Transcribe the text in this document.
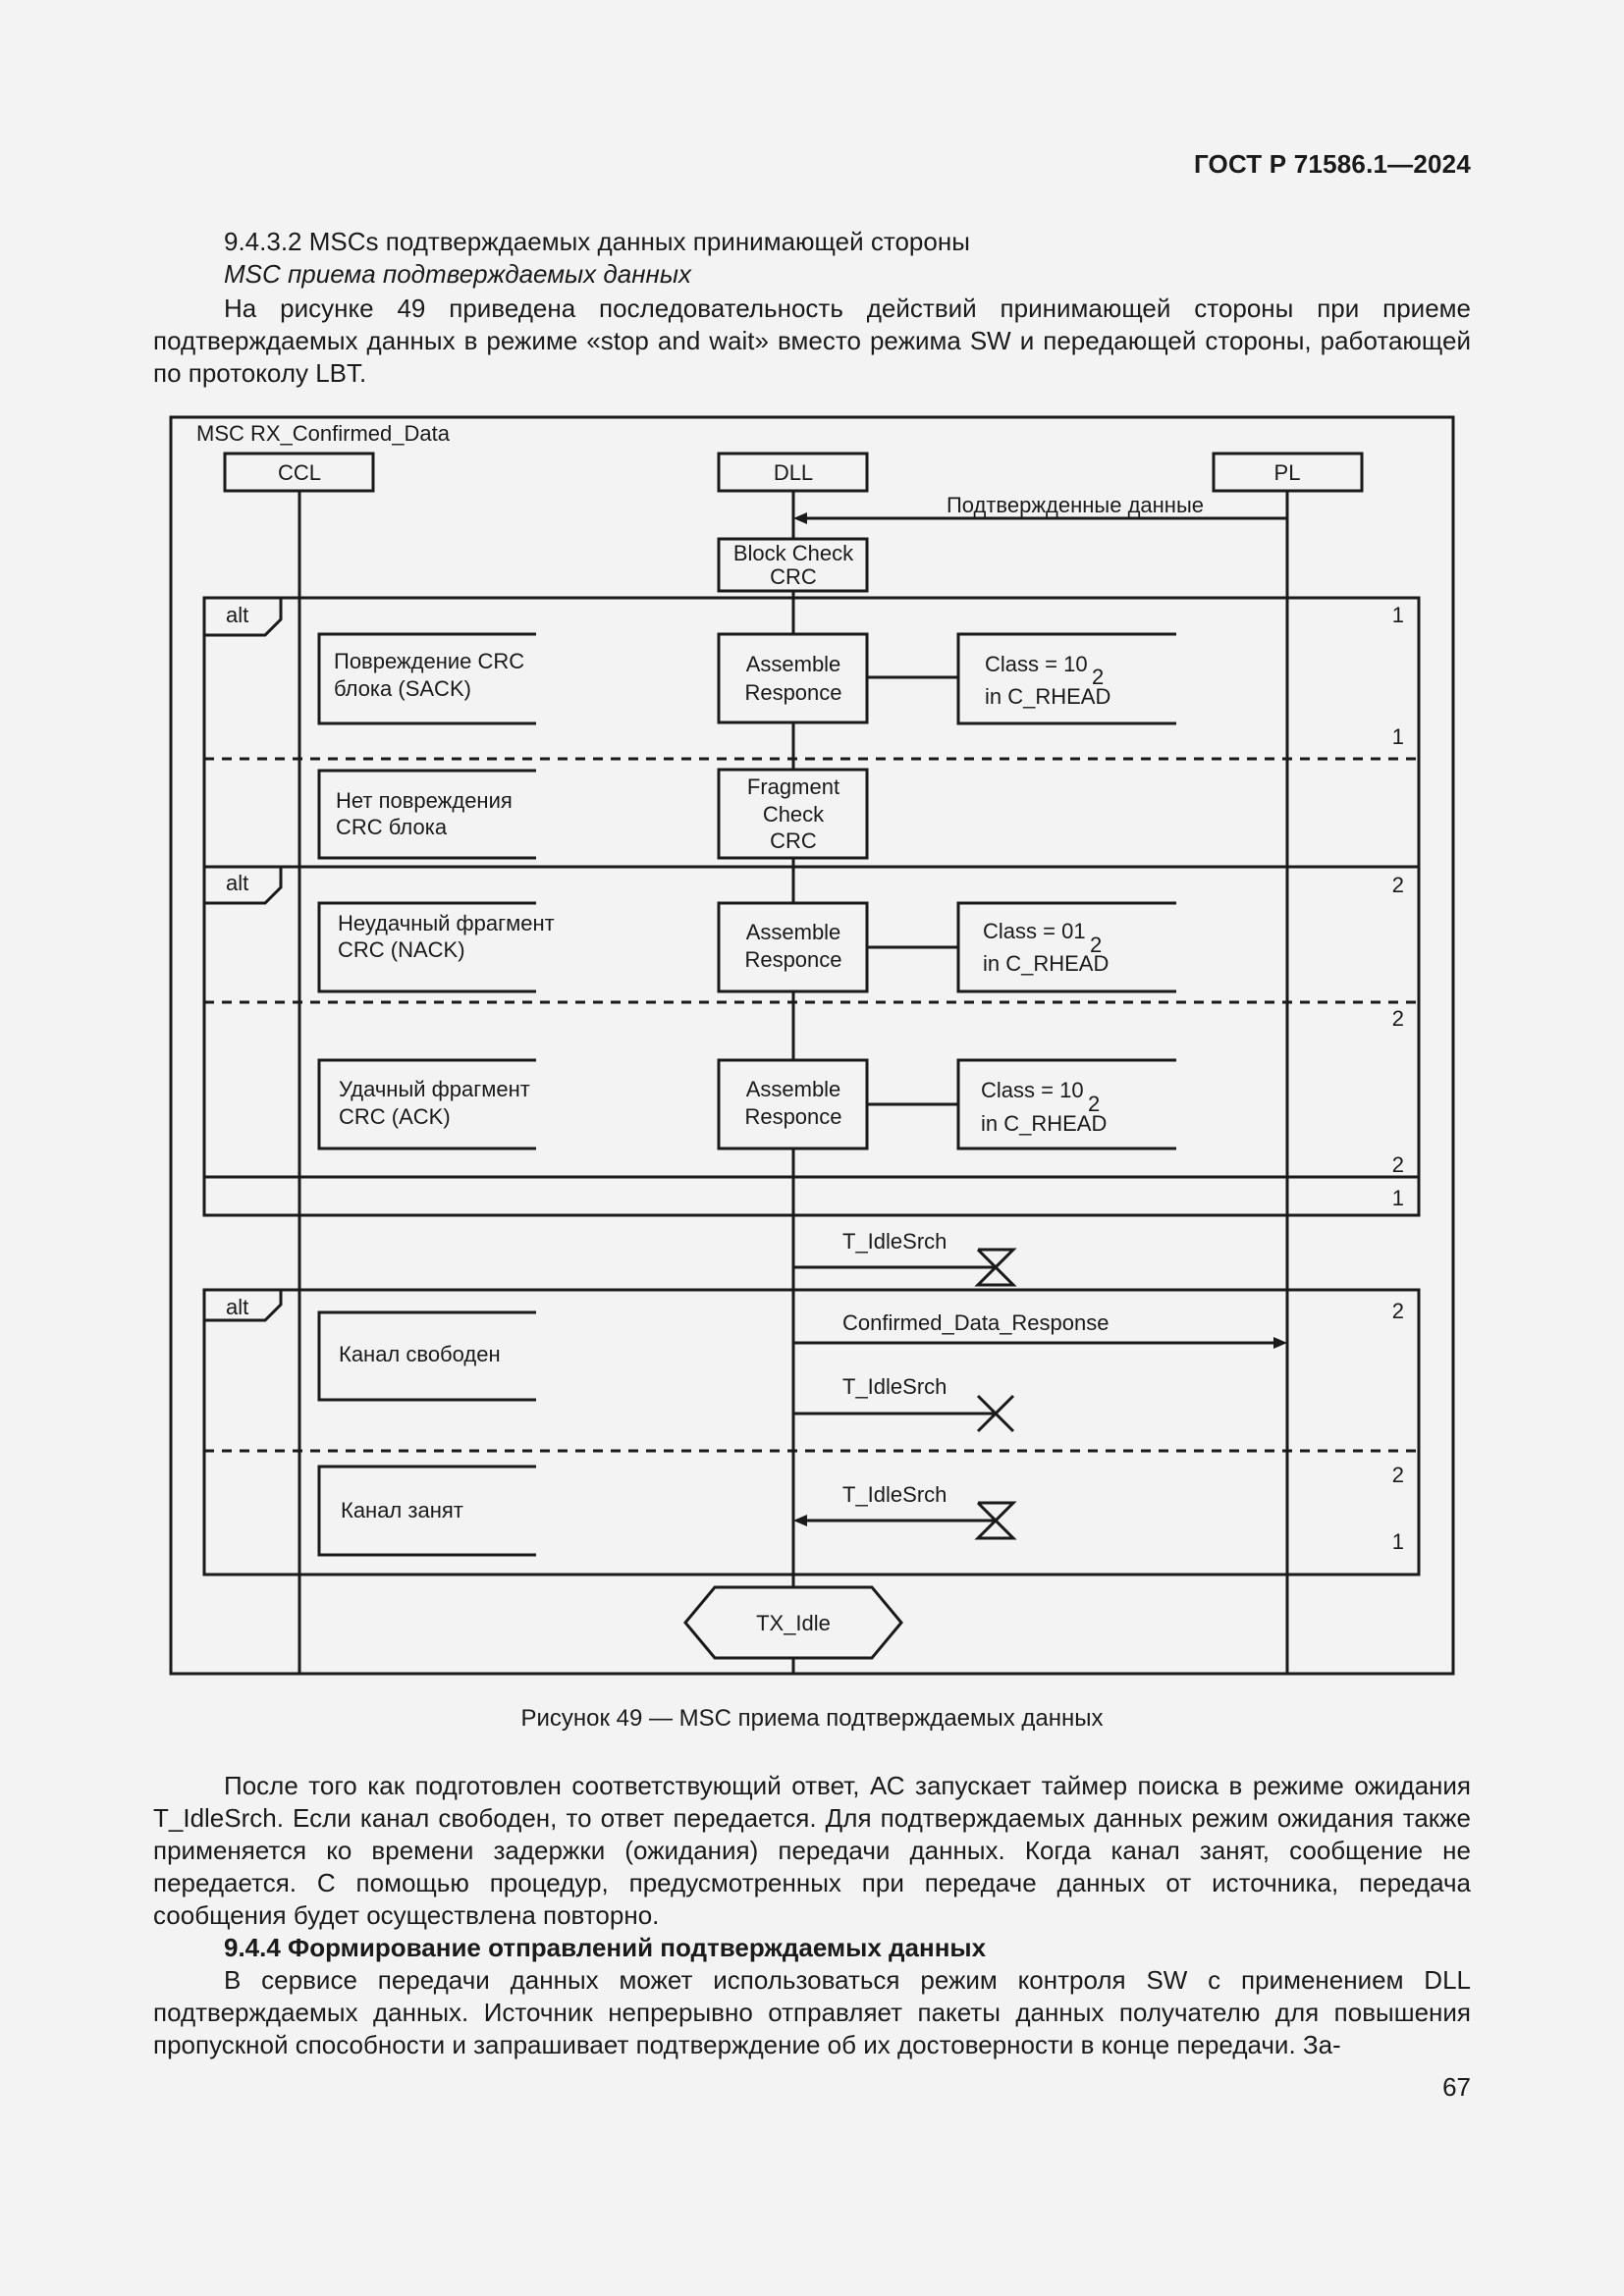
ГОСТ Р 71586.1—2024
9.4.3.2 MSCs подтверждаемых данных принимающей стороны
MSC приема подтверждаемых данных
На рисунке 49 приведена последовательность действий принимающей стороны при приеме подтверждаемых данных в режиме «stop and wait» вместо режима SW и передающей стороны, работающей по протоколу LBT.
MSC RX_Confirmed_Data
CCL	DLL	PL
Подтвержденные данные
Block Check
CRC
alt	1
Повреждение CRC
блока (SACK)
Assemble
Responce
Class = 10
2
in C_RHEAD
1
Нет повреждения
CRC блока
Fragment
Check
CRC
1
alt	2
Неудачный фрагмент
CRC (NACK)
Assemble
Responce
Class = 01
2
in C_RHEAD
2
Удачный фрагмент
CRC (ACK)
Assemble
Responce
Class = 10
2
in C_RHEAD
2
T_IdleSrch
alt	2
Канал свободен
Confirmed_Data_Response
T_IdleSrch
2
Канал занят
T_IdleSrch
1
TX_Idle
Рисунок 49 — MSC приема подтверждаемых данных
После того как подготовлен соответствующий ответ, АС запускает таймер поиска в режиме ожидания T_IdleSrch. Если канал свободен, то ответ передается. Для подтверждаемых данных режим ожидания также применяется ко времени задержки (ожидания) передачи данных. Когда канал занят, сообщение не передается. С помощью процедур, предусмотренных при передаче данных от источника, передача сообщения будет осуществлена повторно.
9.4.4 Формирование отправлений подтверждаемых данных
В сервисе передачи данных может использоваться режим контроля SW с применением DLL подтверждаемых данных. Источник непрерывно отправляет пакеты данных получателю для повышения пропускной способности и запрашивает подтверждение об их достоверности в конце передачи. За-
67
